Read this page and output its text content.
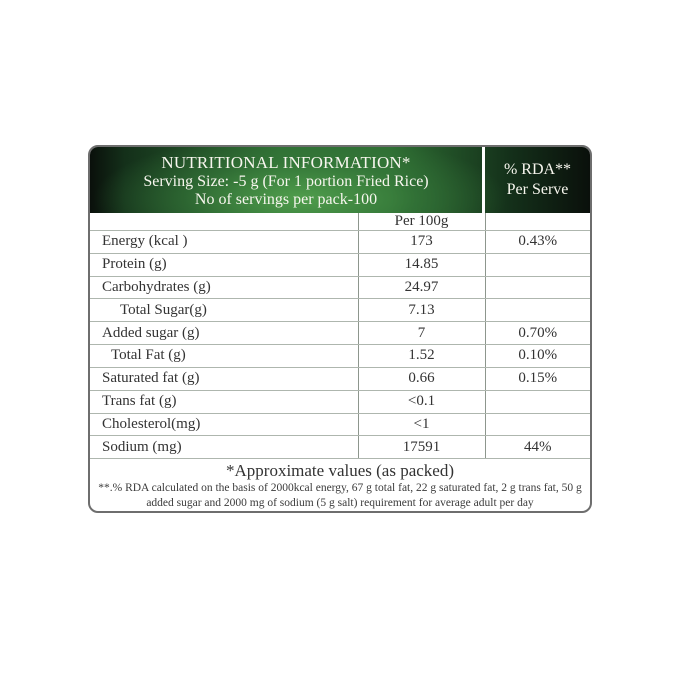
NUTRITIONAL INFORMATION*
Serving Size: -5 g (For 1 portion Fried Rice)
No of servings per pack-100
% RDA**
Per Serve
	Per 100g	
Energy (kcal )	173	0.43%
Protein (g)	14.85	
Carbohydrates (g)	24.97	
Total Sugar(g)	7.13	
Added sugar (g)	7	0.70%
Total Fat (g)	1.52	0.10%
Saturated fat (g)	0.66	0.15%
Trans fat (g)	<0.1	
Cholesterol(mg)	<1	
Sodium (mg)	17591	44%
*Approximate values (as packed)
**.% RDA calculated on the basis of 2000kcal energy, 67 g total fat, 22 g saturated fat, 2 g trans fat, 50 g
added sugar and 2000 mg of sodium (5 g salt) requirement for average adult per day
